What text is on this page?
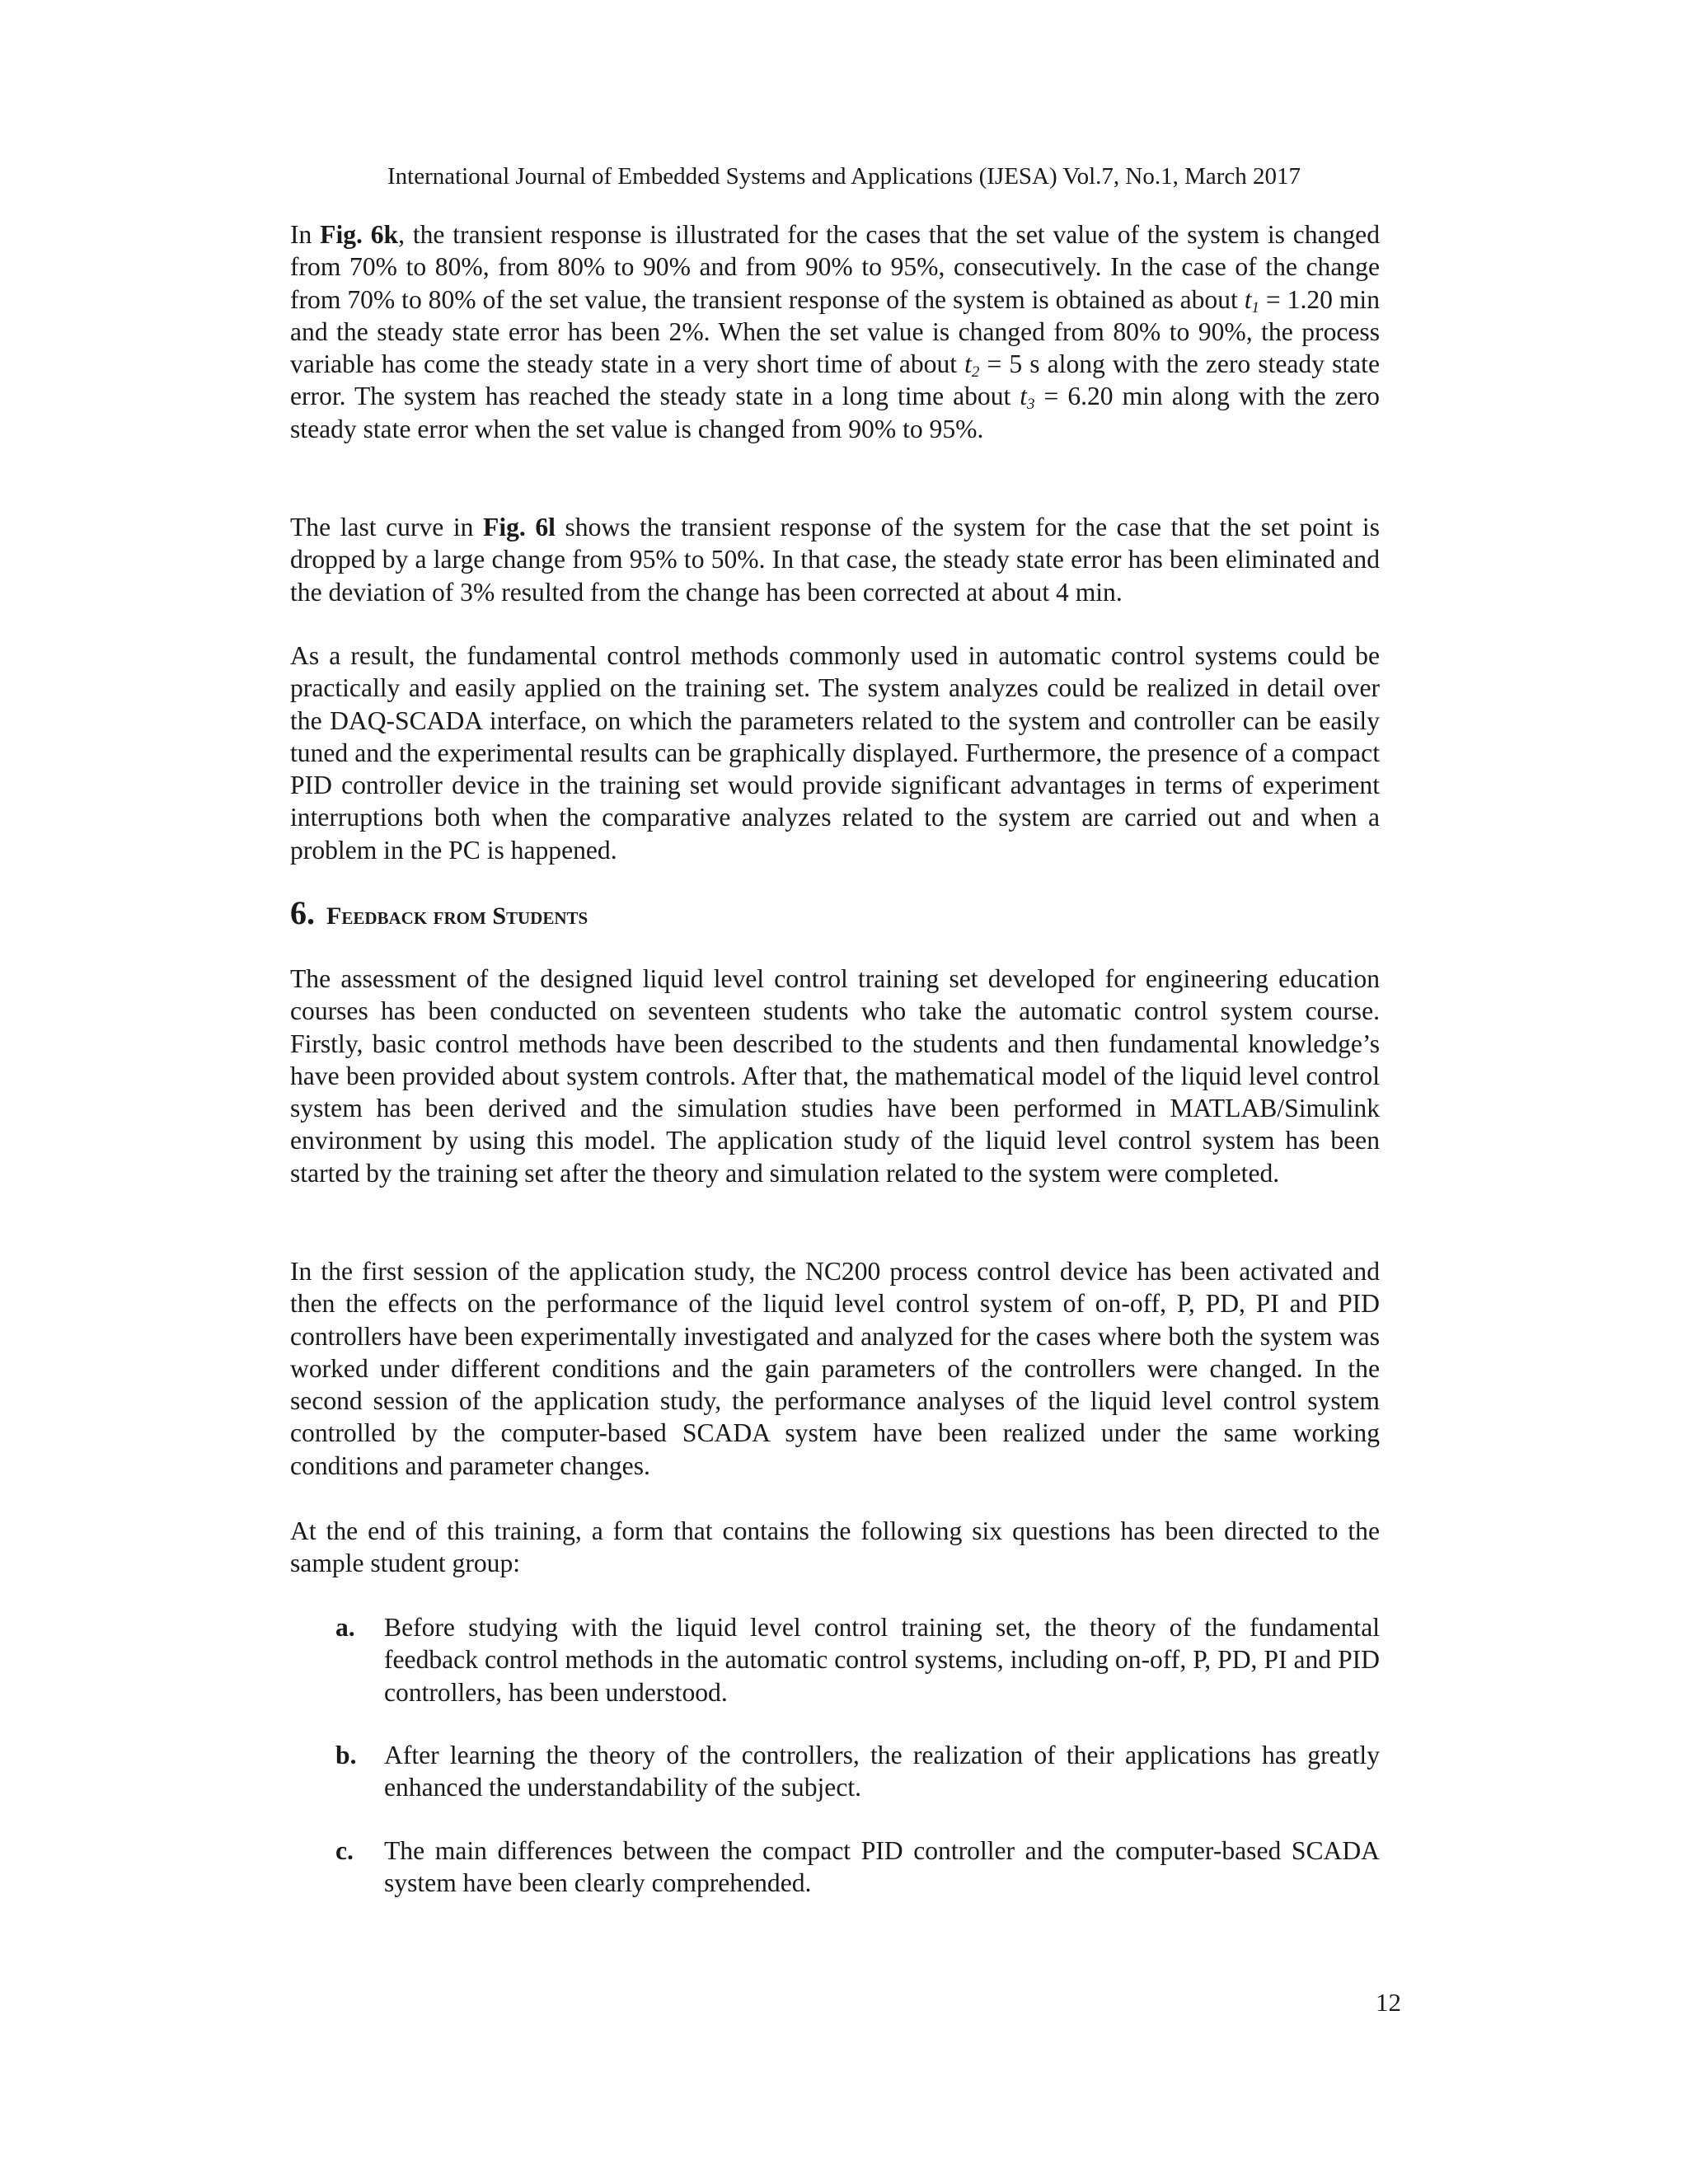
International Journal of Embedded Systems and Applications (IJESA) Vol.7, No.1, March 2017
In Fig. 6k, the transient response is illustrated for the cases that the set value of the system is changed from 70% to 80%, from 80% to 90% and from 90% to 95%, consecutively. In the case of the change from 70% to 80% of the set value, the transient response of the system is obtained as about $t_1 = 1.20$ min and the steady state error has been 2%. When the set value is changed from 80% to 90%, the process variable has come the steady state in a very short time of about $t_2 = 5$ s along with the zero steady state error. The system has reached the steady state in a long time about $t_3 = 6.20$ min along with the zero steady state error when the set value is changed from 90% to 95%.
The last curve in Fig. 6l shows the transient response of the system for the case that the set point is dropped by a large change from 95% to 50%. In that case, the steady state error has been eliminated and the deviation of 3% resulted from the change has been corrected at about 4 min.
As a result, the fundamental control methods commonly used in automatic control systems could be practically and easily applied on the training set. The system analyzes could be realized in detail over the DAQ-SCADA interface, on which the parameters related to the system and controller can be easily tuned and the experimental results can be graphically displayed. Furthermore, the presence of a compact PID controller device in the training set would provide significant advantages in terms of experiment interruptions both when the comparative analyzes related to the system are carried out and when a problem in the PC is happened.
6. Feedback from Students
The assessment of the designed liquid level control training set developed for engineering education courses has been conducted on seventeen students who take the automatic control system course. Firstly, basic control methods have been described to the students and then fundamental knowledge’s have been provided about system controls. After that, the mathematical model of the liquid level control system has been derived and the simulation studies have been performed in MATLAB/Simulink environment by using this model. The application study of the liquid level control system has been started by the training set after the theory and simulation related to the system were completed.
In the first session of the application study, the NC200 process control device has been activated and then the effects on the performance of the liquid level control system of on-off, P, PD, PI and PID controllers have been experimentally investigated and analyzed for the cases where both the system was worked under different conditions and the gain parameters of the controllers were changed. In the second session of the application study, the performance analyses of the liquid level control system controlled by the computer-based SCADA system have been realized under the same working conditions and parameter changes.
At the end of this training, a form that contains the following six questions has been directed to the sample student group:
a. Before studying with the liquid level control training set, the theory of the fundamental feedback control methods in the automatic control systems, including on-off, P, PD, PI and PID controllers, has been understood.
b. After learning the theory of the controllers, the realization of their applications has greatly enhanced the understandability of the subject.
c. The main differences between the compact PID controller and the computer-based SCADA system have been clearly comprehended.
12
